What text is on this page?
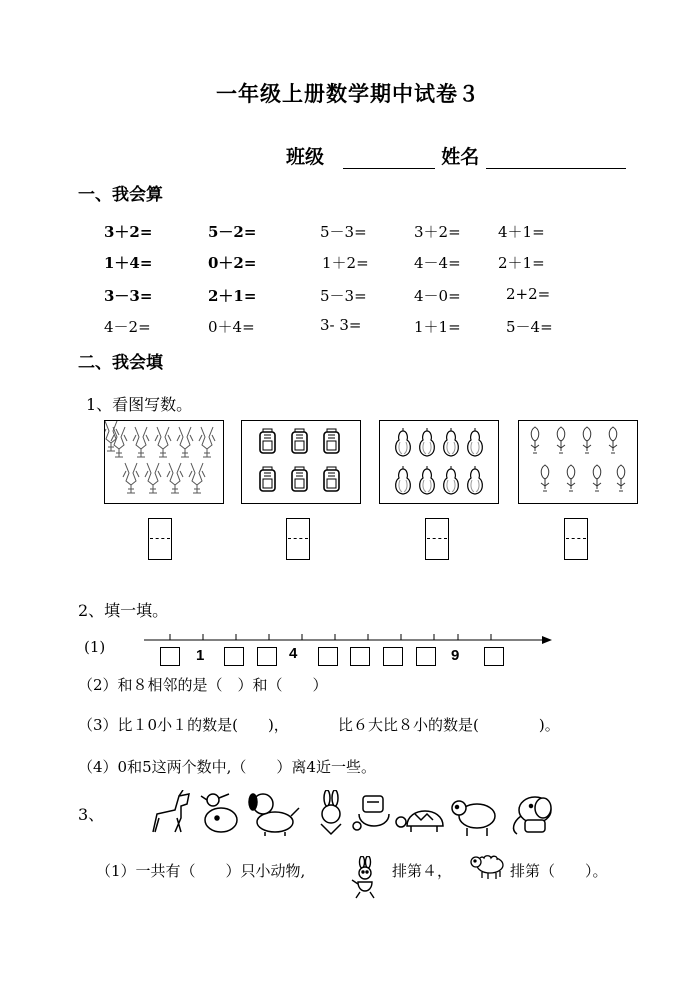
一年级上册数学期中试卷３
班级	姓名
一、我会算
3＋2=	5－2=	5－3=	3＋2= 4＋1=
1＋4=	0＋2=	1＋2=	4－4= 2＋1=
3－3=	2＋1=	5－3=	4－0=	2+2=
4－2=	0＋4=	3- 3=	1＋1=	5－4=
二、我会填
1、看图写数。
2、填一填。
(1)	1	4	9
（2）和８相邻的是（　）和（　　）
（3）比１0小１的数是(　　)，	比６大比８小的数是(　　　　)。
（4）0和5这两个数中,（　　）离4近一些。
3、
（1）一共有（　　）只小动物,	排第４，	排第（　　）。
